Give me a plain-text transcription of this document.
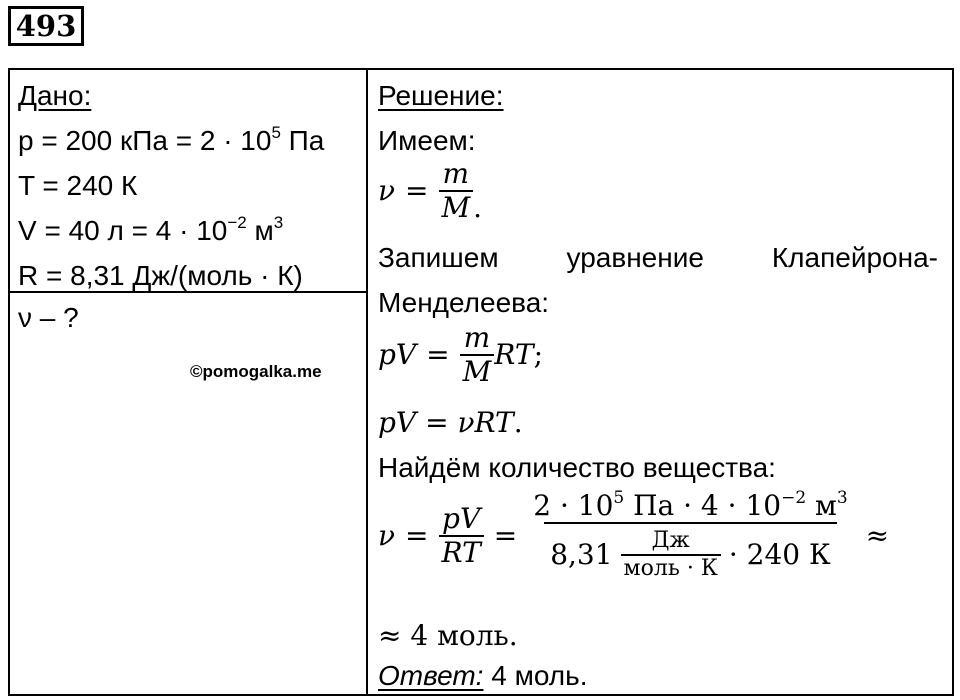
493
Дано:
p = 200 кПа = $2 \cdot 10^5$ Па
T = 240 К
V = 40 $л = 4 \cdot 10^{-2}$ $м^3$
R = 8,31 Дж/(моль · К)
ν – ?
©pomogalka.me
Решение:
Имеем:
$\nu = \frac{m}{M}$ .
Запишем уравнение Клапейрона-
Менделеева:
pV = $\frac{m}{M}$ RT ;
pV = νRT.
Найдём количество вещества:
$\nu = \frac{pV}{RT}$ =
$2 \cdot 10^5$ Па · $4 \cdot 10^{-2}$ $м^3$
$8,31 \frac{Дж}{\text{моль · К}} \cdot 240$ К
≈
≈ 4 моль.
Ответ: 4 моль.
